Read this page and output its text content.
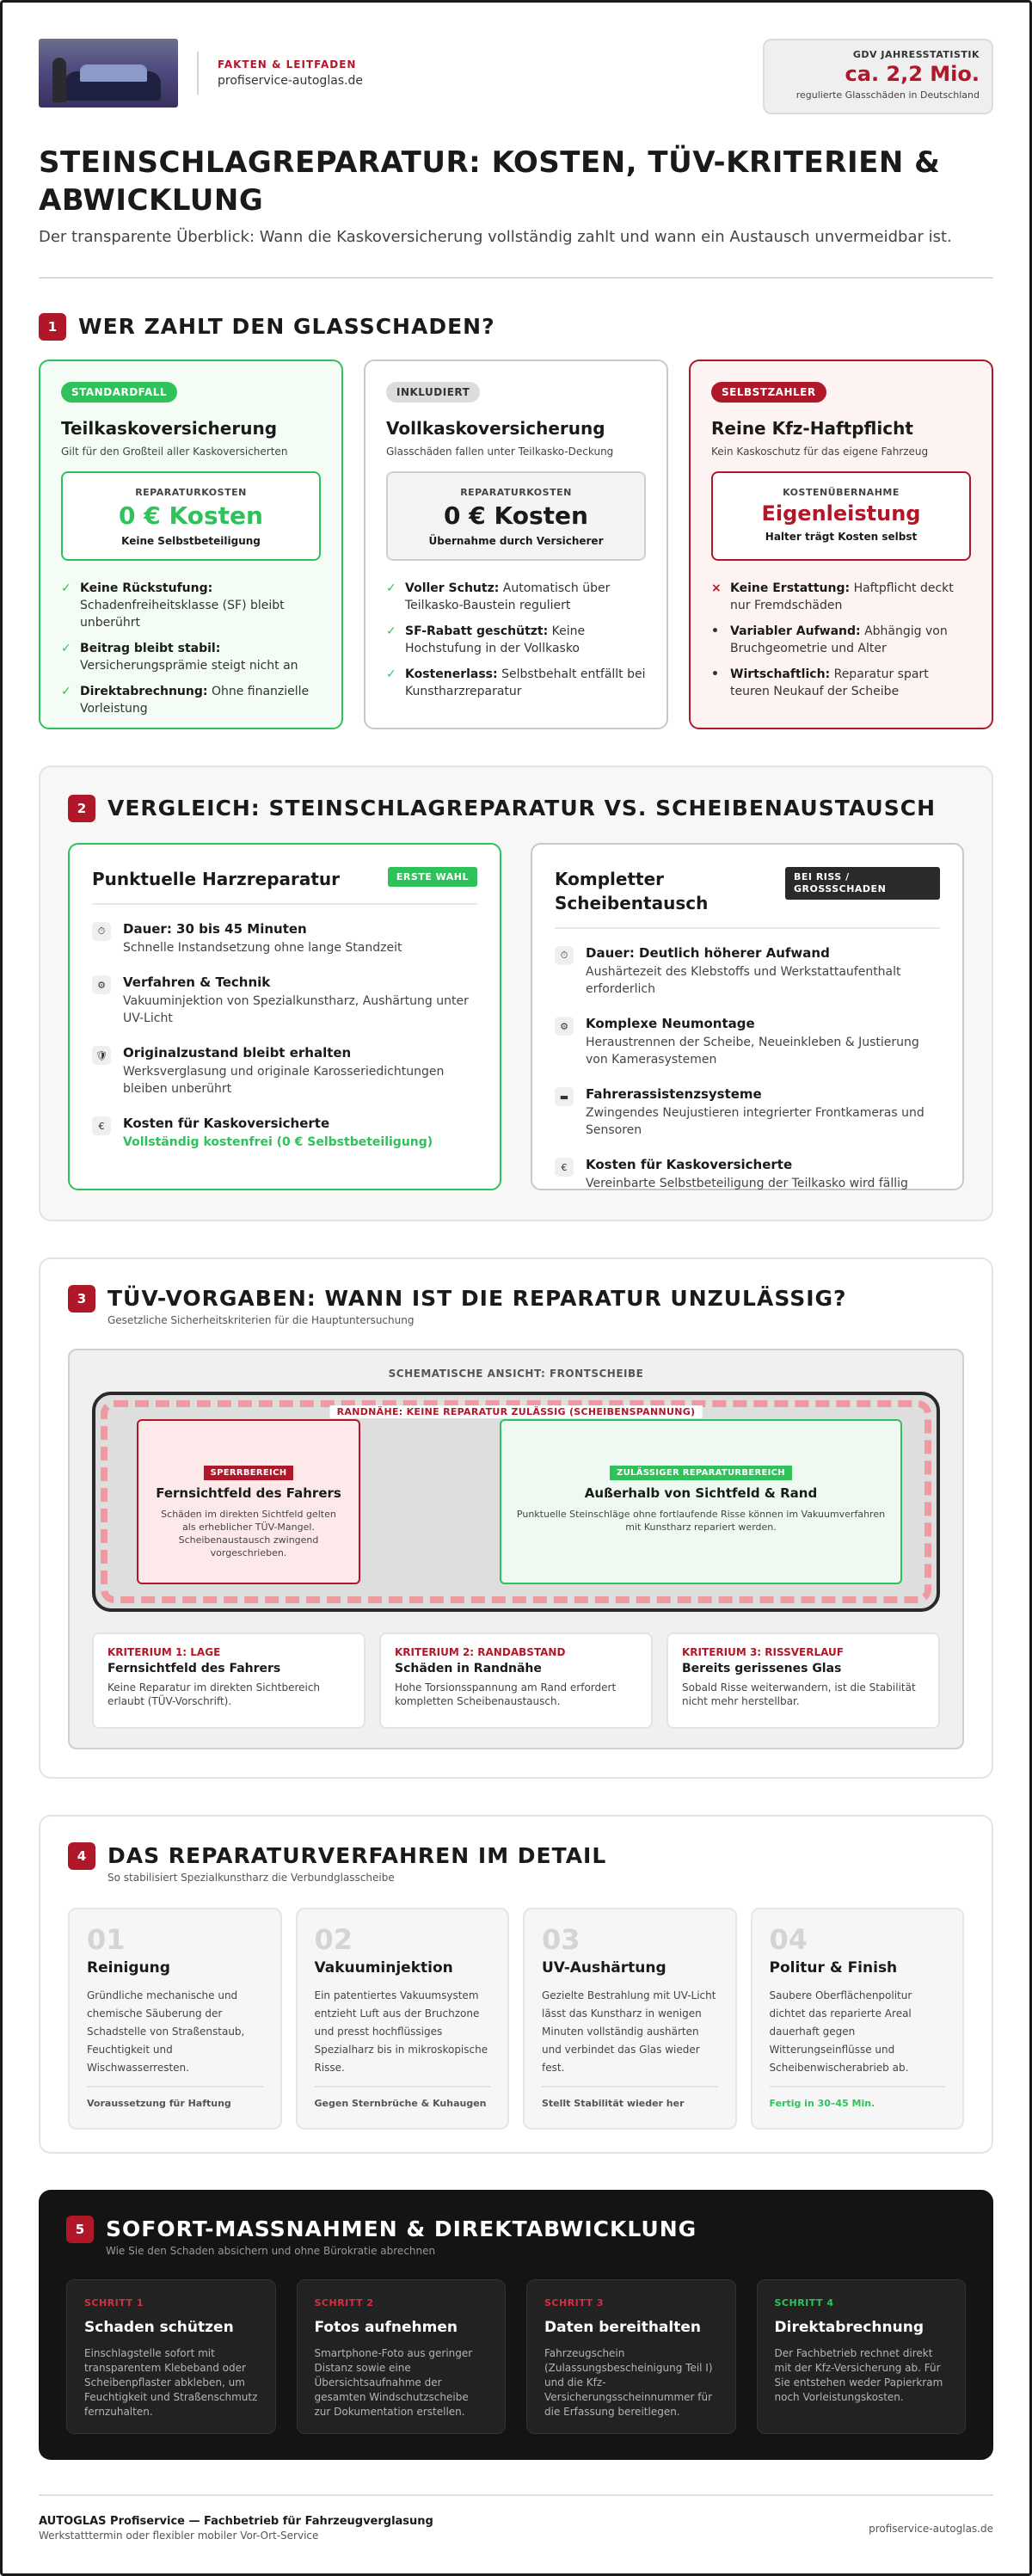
FAKTEN & LEITFADEN
profiservice-autoglas.de
GDV JAHRESSTATISTIK
ca. 2,2 Mio.
regulierte Glasschäden in Deutschland
STEINSCHLAGREPARATUR: KOSTEN, TÜV-KRITERIEN & ABWICKLUNG
Der transparente Überblick: Wann die Kaskoversicherung vollständig zahlt und wann ein Austausch unvermeidbar ist.
1 WER ZAHLT DEN GLASSCHADEN?
STANDARDFALL
Teilkaskoversicherung
Gilt für den Großteil aller Kaskoversicherten
REPARATURKOSTEN
0 € Kosten
Keine Selbstbeteiligung
✓ Keine Rückstufung: Schadenfreiheitsklasse (SF) bleibt unberührt
✓ Beitrag bleibt stabil: Versicherungsprämie steigt nicht an
✓ Direktabrechnung: Ohne finanzielle Vorleistung
INKLUDIERT
Vollkaskoversicherung
Glasschäden fallen unter Teilkasko-Deckung
REPARATURKOSTEN
0 € Kosten
Übernahme durch Versicherer
✓ Voller Schutz: Automatisch über Teilkasko-Baustein reguliert
✓ SF-Rabatt geschützt: Keine Hochstufung in der Vollkasko
✓ Kostenerlass: Selbstbehalt entfällt bei Kunstharzreparatur
SELBSTZAHLER
Reine Kfz-Haftpflicht
Kein Kaskoschutz für das eigene Fahrzeug
KOSTENÜBERNAHME
Eigenleistung
Halter trägt Kosten selbst
× Keine Erstattung: Haftpflicht deckt nur Fremdschäden
• Variabler Aufwand: Abhängig von Bruchgeometrie und Alter
• Wirtschaftlich: Reparatur spart teuren Neukauf der Scheibe
2 VERGLEICH: STEINSCHLAGREPARATUR VS. SCHEIBENAUSTAUSCH
Punktuelle Harzreparatur	ERSTE WAHL
⏱	Dauer: 30 bis 45 Minuten
Schnelle Instandsetzung ohne lange Standzeit
⚙	Verfahren & Technik
Vakuuminjektion von Spezialkunstharz, Aushärtung unter UV-Licht
🛡 Originalzustand bleibt erhalten
Werksverglasung und originale Karosseriedichtungen bleiben unberührt
€	Kosten für Kaskoversicherte
Vollständig kostenfrei (0 € Selbstbeteiligung)
Kompletter Scheibentausch
BEI RISS / GROSSSCHADEN
⏱	Dauer: Deutlich höherer Aufwand
Aushärtezeit des Klebstoffs und Werkstattaufenthalt erforderlich
⚙	Komplexe Neumontage
Heraustrennen der Scheibe, Neueinkleben & Justierung von Kamerasystemen
▬	Fahrerassistenzsysteme
Zwingendes Neujustieren integrierter Frontkameras und Sensoren
€	Kosten für Kaskoversicherte
Vereinbarte Selbstbeteiligung der Teilkasko wird fällig
3 TÜV-VORGABEN: WANN IST DIE REPARATUR UNZULÄSSIG?
Gesetzliche Sicherheitskriterien für die Hauptuntersuchung
SCHEMATISCHE ANSICHT: FRONTSCHEIBE
RANDNÄHE: KEINE REPARATUR ZULÄSSIG (SCHEIBENSPANNUNG)
SPERRBEREICH
Fernsichtfeld des Fahrers
Schäden im direkten Sichtfeld gelten als erheblicher TÜV-Mangel. Scheibenaustausch zwingend vorgeschrieben.
ZULÄSSIGER REPARATURBEREICH
Außerhalb von Sichtfeld & Rand
Punktuelle Steinschläge ohne fortlaufende Risse können im Vakuumverfahren mit Kunstharz repariert werden.
KRITERIUM 1: LAGE
Fernsichtfeld des Fahrers
Keine Reparatur im direkten Sichtbereich erlaubt (TÜV-Vorschrift).
KRITERIUM 2: RANDABSTAND
Schäden in Randnähe
Hohe Torsionsspannung am Rand erfordert kompletten Scheibenaustausch.
KRITERIUM 3: RISSVERLAUF
Bereits gerissenes Glas
Sobald Risse weiterwandern, ist die Stabilität nicht mehr herstellbar.
4 DAS REPARATURVERFAHREN IM DETAIL
So stabilisiert Spezialkunstharz die Verbundglasscheibe
01
Reinigung
Gründliche mechanische und chemische Säuberung der Schadstelle von Straßenstaub, Feuchtigkeit und Wischwasserresten.
Voraussetzung für Haftung
02
Vakuuminjektion
Ein patentiertes Vakuumsystem entzieht Luft aus der Bruchzone und presst hochflüssiges Spezialharz bis in mikroskopische Risse.
Gegen Sternbrüche & Kuhaugen
03
UV-Aushärtung
Gezielte Bestrahlung mit UV-Licht lässt das Kunstharz in wenigen Minuten vollständig aushärten und verbindet das Glas wieder fest.
Stellt Stabilität wieder her
04
Politur & Finish
Saubere Oberflächenpolitur dichtet das reparierte Areal dauerhaft gegen Witterungseinflüsse und Scheibenwischerabrieb ab.
Fertig in 30–45 Min.
5 SOFORT-MASSNAHMEN & DIREKTABWICKLUNG
Wie Sie den Schaden absichern und ohne Bürokratie abrechnen
SCHRITT 1
Schaden schützen
Einschlagstelle sofort mit transparentem Klebeband oder Scheibenpflaster abkleben, um Feuchtigkeit und Straßenschmutz fernzuhalten.
SCHRITT 2
Fotos aufnehmen
Smartphone-Foto aus geringer Distanz sowie eine Übersichtsaufnahme der gesamten Windschutzscheibe zur Dokumentation erstellen.
SCHRITT 3
Daten bereithalten
Fahrzeugschein (Zulassungsbescheinigung Teil I) und die Kfz-Versicherungsscheinnummer für die Erfassung bereitlegen.
SCHRITT 4
Direktabrechnung
Der Fachbetrieb rechnet direkt mit der Kfz-Versicherung ab. Für Sie entstehen weder Papierkram noch Vorleistungskosten.
AUTOGLAS Profiservice — Fachbetrieb für Fahrzeugverglasung
Werkstatttermin oder flexibler mobiler Vor-Ort-Service
profiservice-autoglas.de
